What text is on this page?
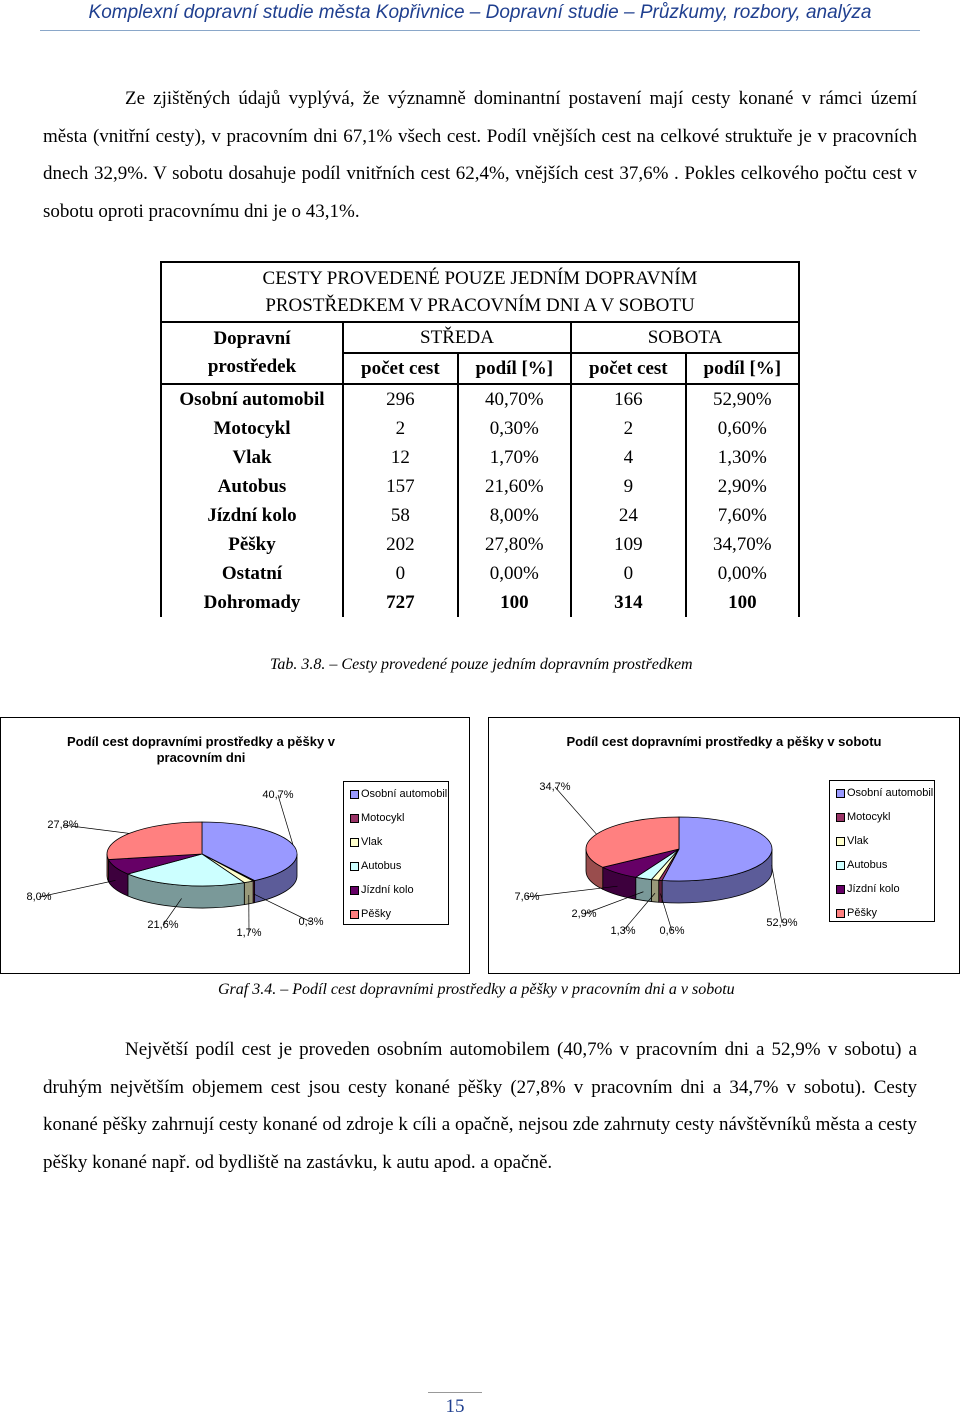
Komplexní dopravní studie města Kopřivnice – Dopravní studie – Průzkumy, rozbory, analýza

Ze zjištěných údajů vyplývá, že významně dominantní postavení mají cesty konané v rámci území města (vnitřní cesty), v pracovním dni 67,1% všech cest. Podíl vnějších cest na celkové struktuře je v pracovních dnech 32,9%. V sobotu dosahuje podíl vnitřních cest 62,4%, vnějších cest 37,6% . Pokles celkového počtu cest v sobotu oproti pracovnímu dni je o 43,1%.

CESTY PROVEDENÉ POUZE JEDNÍM DOPRAVNÍM
PROSTŘEDKEM V PRACOVNÍM DNI A V SOBOTU				
Dopravní
prostředek	STŘEDA		SOBOTA	
	počet cest	podíl [%]	počet cest	podíl [%]
Osobní automobil	296	40,70%	166	52,90%
Motocykl	2	0,30%	2	0,60%
Vlak	12	1,70%	4	1,30%
Autobus	157	21,60%	9	2,90%
Jízdní kolo	58	8,00%	24	7,60%
Pěšky	202	27,80%	109	34,70%
Ostatní	0	0,00%	0	0,00%
Dohromady	727	100	314	100
Tab. 3.8. – Cesty provedené pouze jedním dopravním prostředkem
Podíl cest dopravními prostředky a pěšky v pracovním dni
40,7%
0,3%
1,7%
21,6%
8,0%
27,8%
Osobní automobil
Motocykl
Vlak
Autobus
Jízdní kolo
Pěšky
Podíl cest dopravními prostředky a pěšky v sobotu
52,9%
0,6%
1,3%
2,9%
7,6%
34,7%	Osobní automobil
Motocykl
Vlak
Autobus
Jízdní kolo
Pěšky
Graf 3.4. – Podíl cest dopravními prostředky a pěšky v pracovním dni a v sobotu

Největší podíl cest je proveden osobním automobilem (40,7% v pracovním dni a 52,9% v sobotu) a druhým největším objemem cest jsou cesty konané pěšky (27,8% v pracovním dni a 34,7% v sobotu). Cesty konané pěšky zahrnují cesty konané od zdroje k cíli a opačně, nejsou zde zahrnuty cesty návštěvníků města a cesty pěšky konané např. od bydliště na zastávku, k autu apod. a opačně.

15
